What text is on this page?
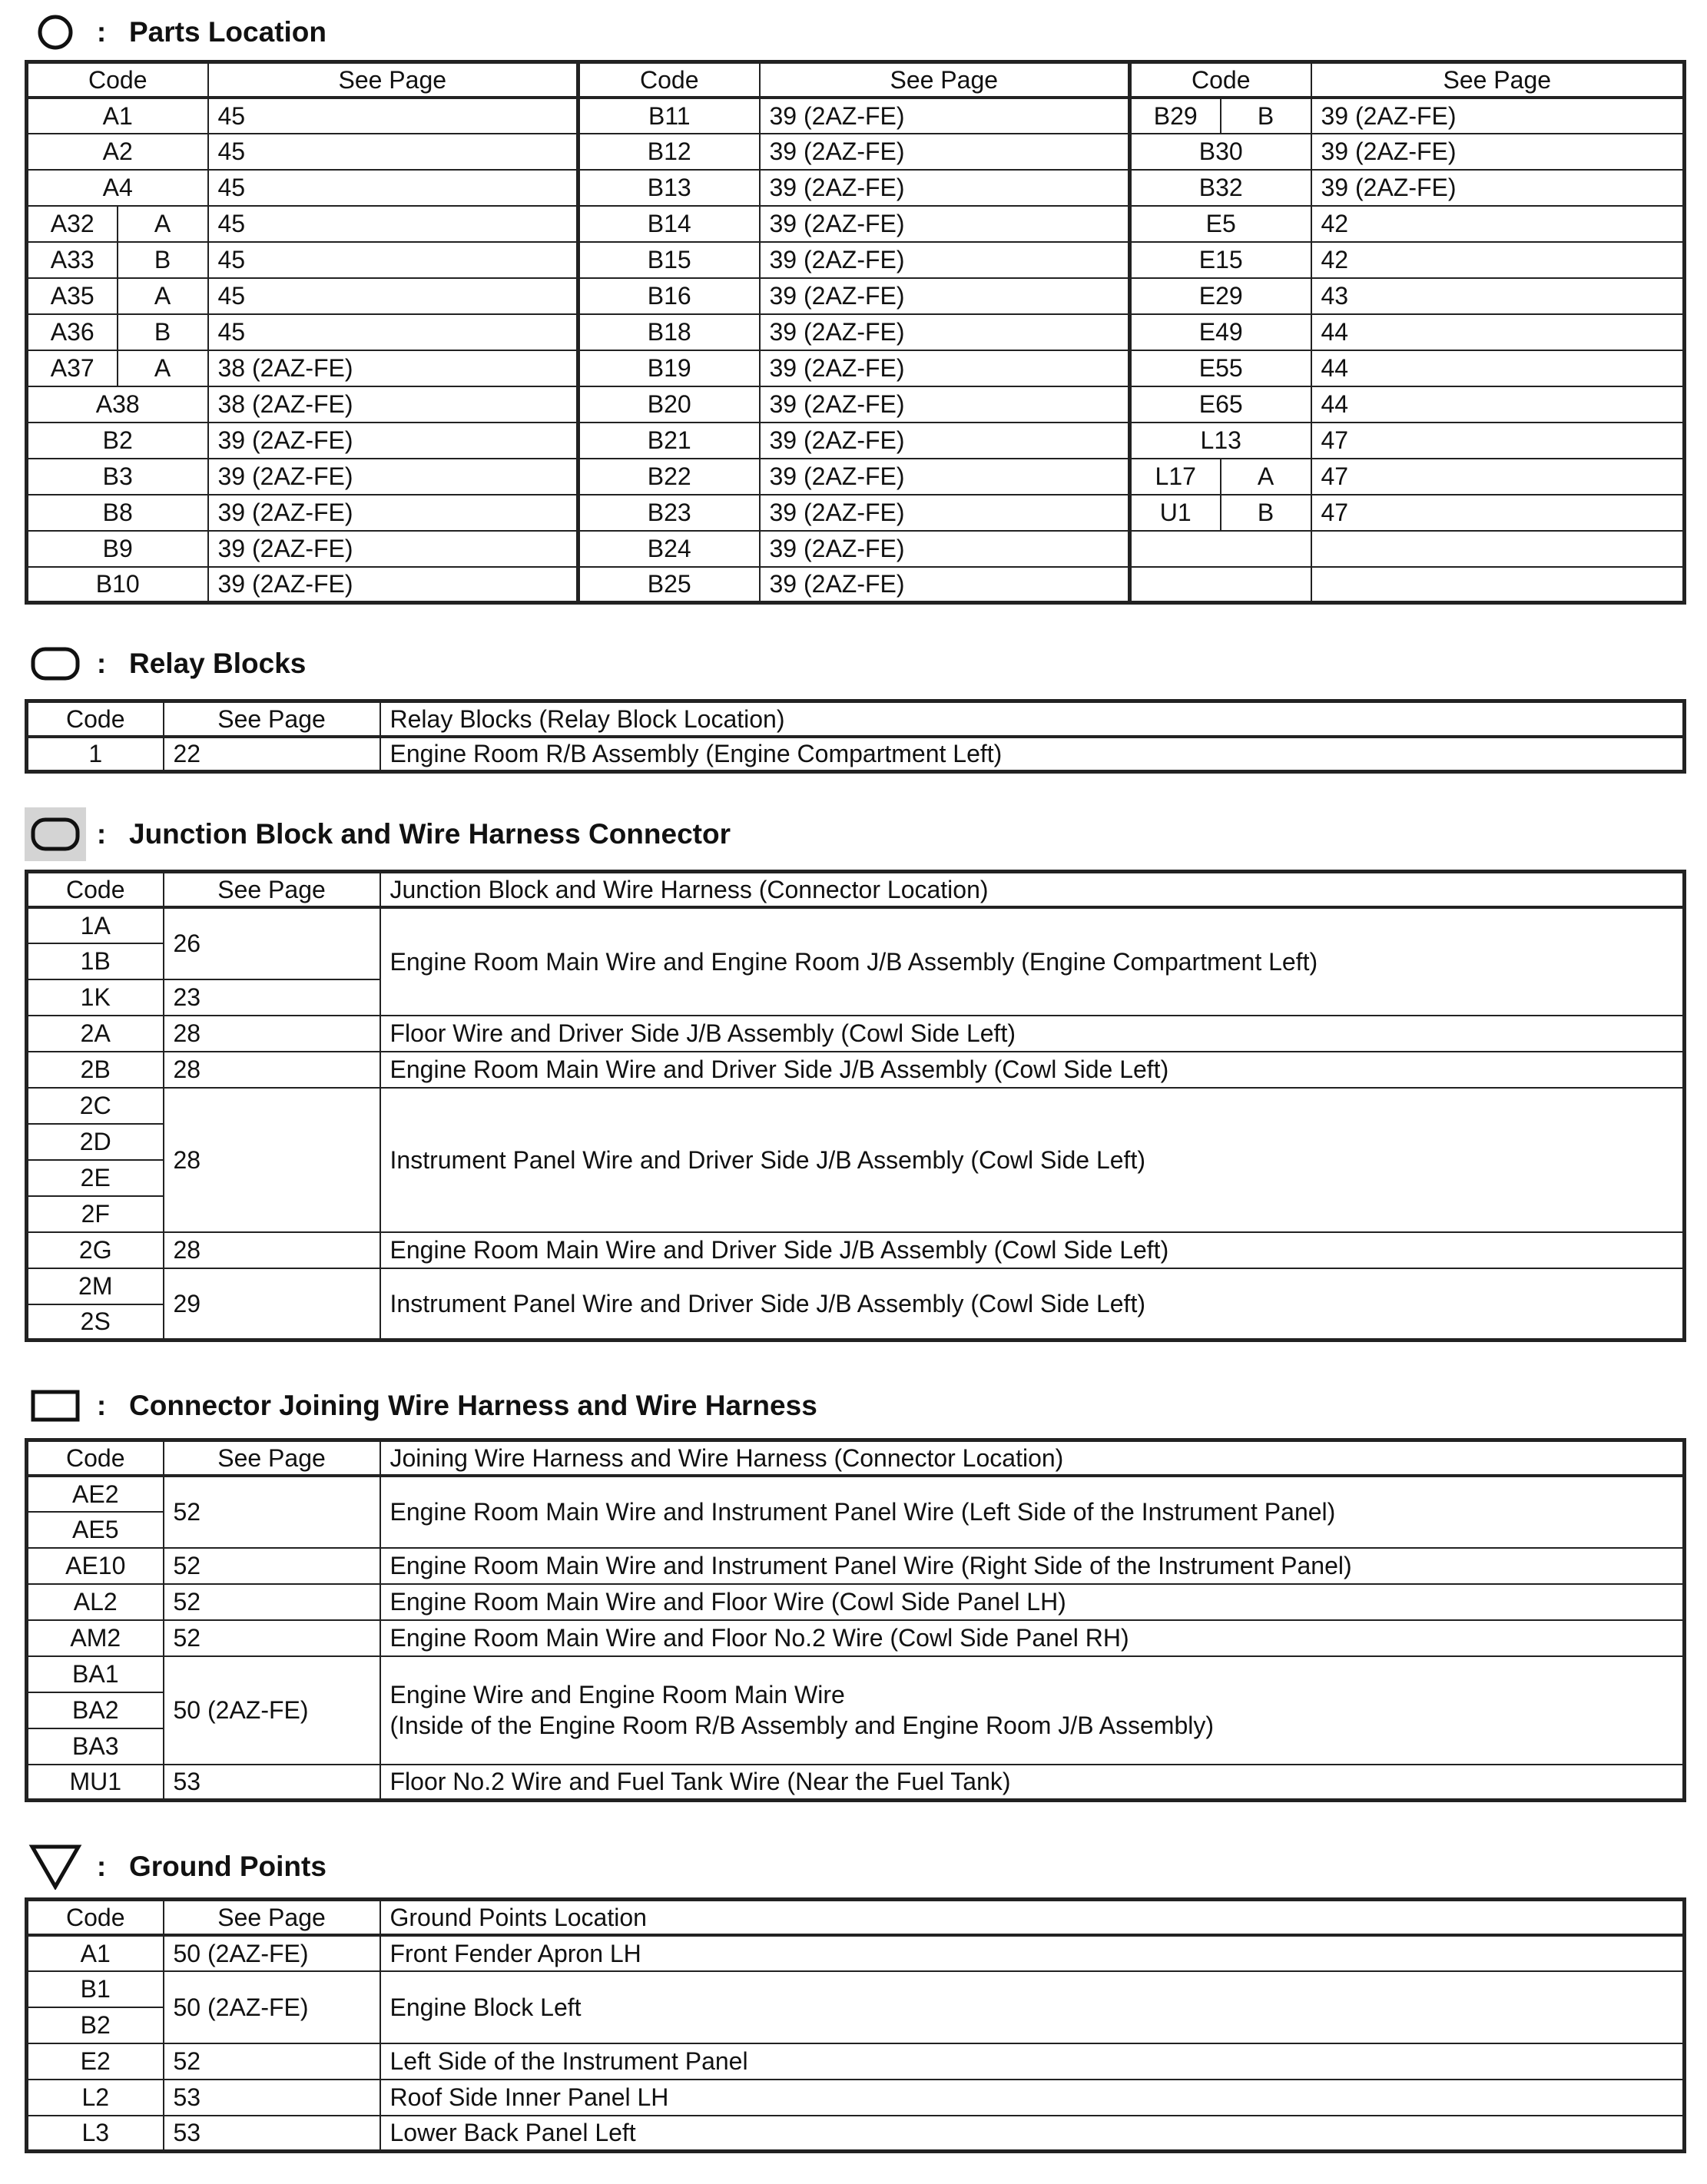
: Parts Location
Code		See Page	Code	See Page	Code		See Page
A1		45	B11	39 (2AZ-FE)	B29	B	39 (2AZ-FE)
A2		45	B12	39 (2AZ-FE)	B30		39 (2AZ-FE)
A4		45	B13	39 (2AZ-FE)	B32		39 (2AZ-FE)
A32	A	45	B14	39 (2AZ-FE)	E5		42
A33	B	45	B15	39 (2AZ-FE)	E15		42
A35	A	45	B16	39 (2AZ-FE)	E29		43
A36	B	45	B18	39 (2AZ-FE)	E49		44
A37	A	38 (2AZ-FE)	B19	39 (2AZ-FE)	E55		44
A38		38 (2AZ-FE)	B20	39 (2AZ-FE)	E65		44
B2		39 (2AZ-FE)	B21	39 (2AZ-FE)	L13		47
B3		39 (2AZ-FE)	B22	39 (2AZ-FE)	L17	A	47
B8		39 (2AZ-FE)	B23	39 (2AZ-FE)	U1	B	47
B9		39 (2AZ-FE)	B24	39 (2AZ-FE)			
B10		39 (2AZ-FE)	B25	39 (2AZ-FE)			
: Relay Blocks
Code	See Page	Relay Blocks (Relay Block Location)
1	22	Engine Room R/B Assembly (Engine Compartment Left)
: Junction Block and Wire Harness Connector
Code	See Page	Junction Block and Wire Harness (Connector Location)
1A	26	Engine Room Main Wire and Engine Room J/B Assembly (Engine Compartment Left)
1B		
1K	23	
2A	28	Floor Wire and Driver Side J/B Assembly (Cowl Side Left)
2B	28	Engine Room Main Wire and Driver Side J/B Assembly (Cowl Side Left)
2C	28	Instrument Panel Wire and Driver Side J/B Assembly (Cowl Side Left)
2D		
2E		
2F		
2G	28	Engine Room Main Wire and Driver Side J/B Assembly (Cowl Side Left)
2M	29	Instrument Panel Wire and Driver Side J/B Assembly (Cowl Side Left)
2S		
: Connector Joining Wire Harness and Wire Harness
Code	See Page	Joining Wire Harness and Wire Harness (Connector Location)
AE2	52	Engine Room Main Wire and Instrument Panel Wire (Left Side of the Instrument Panel)
AE5		
AE10	52	Engine Room Main Wire and Instrument Panel Wire (Right Side of the Instrument Panel)
AL2	52	Engine Room Main Wire and Floor Wire (Cowl Side Panel LH)
AM2	52	Engine Room Main Wire and Floor No.2 Wire (Cowl Side Panel RH)
BA1	50 (2AZ-FE)	Engine Wire and Engine Room Main Wire
(Inside of the Engine Room R/B Assembly and Engine Room J/B Assembly)

BA2		
BA3		
MU1	53	Floor No.2 Wire and Fuel Tank Wire (Near the Fuel Tank)
: Ground Points
Code	See Page	Ground Points Location
A1	50 (2AZ-FE)	Front Fender Apron LH
B1	50 (2AZ-FE)	Engine Block Left
B2		
E2	52	Left Side of the Instrument Panel
L2	53	Roof Side Inner Panel LH
L3	53	Lower Back Panel Left
